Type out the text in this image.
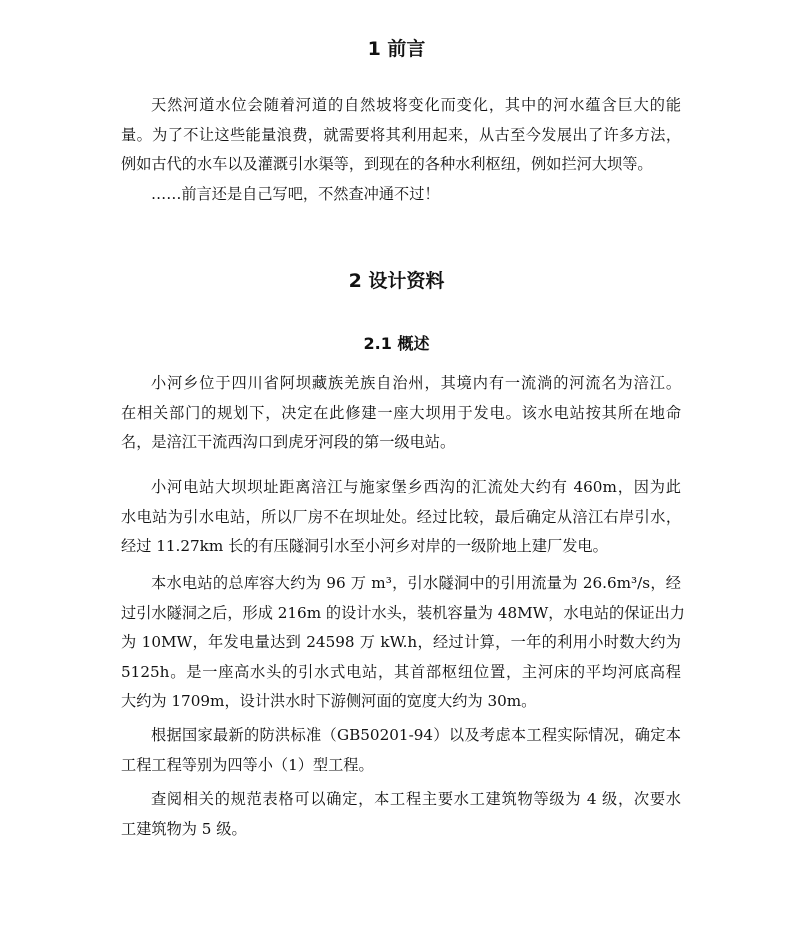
1 前言
天然河道水位会随着河道的自然坡将变化而变化，其中的河水蕴含巨大的能
量。为了不让这些能量浪费，就需要将其利用起来，从古至今发展出了许多方法，
例如古代的水车以及灌溉引水渠等，到现在的各种水利枢纽，例如拦河大坝等。
……前言还是自己写吧，不然查冲通不过！
2 设计资料
2.1 概述
小河乡位于四川省阿坝藏族羌族自治州，其境内有一流淌的河流名为涪江。
在相关部门的规划下，决定在此修建一座大坝用于发电。该水电站按其所在地命
名，是涪江干流西沟口到虎牙河段的第一级电站。
小河电站大坝坝址距离涪江与施家堡乡西沟的汇流处大约有 460m，因为此
水电站为引水电站，所以厂房不在坝址处。经过比较，最后确定从涪江右岸引水，
经过 11.27km 长的有压隧洞引水至小河乡对岸的一级阶地上建厂发电。
本水电站的总库容大约为 96 万 m³，引水隧洞中的引用流量为 26.6m³/s，经
过引水隧洞之后，形成 216m 的设计水头，装机容量为 48MW，水电站的保证出力
为 10MW，年发电量达到 24598 万 kW.h，经过计算，一年的利用小时数大约为
5125h。是一座高水头的引水式电站，其首部枢纽位置，主河床的平均河底高程
大约为 1709m，设计洪水时下游侧河面的宽度大约为 30m。
根据国家最新的防洪标准（GB50201-94）以及考虑本工程实际情况，确定本
工程工程等别为四等小（1）型工程。
查阅相关的规范表格可以确定，本工程主要水工建筑物等级为 4 级，次要水
工建筑物为 5 级。
